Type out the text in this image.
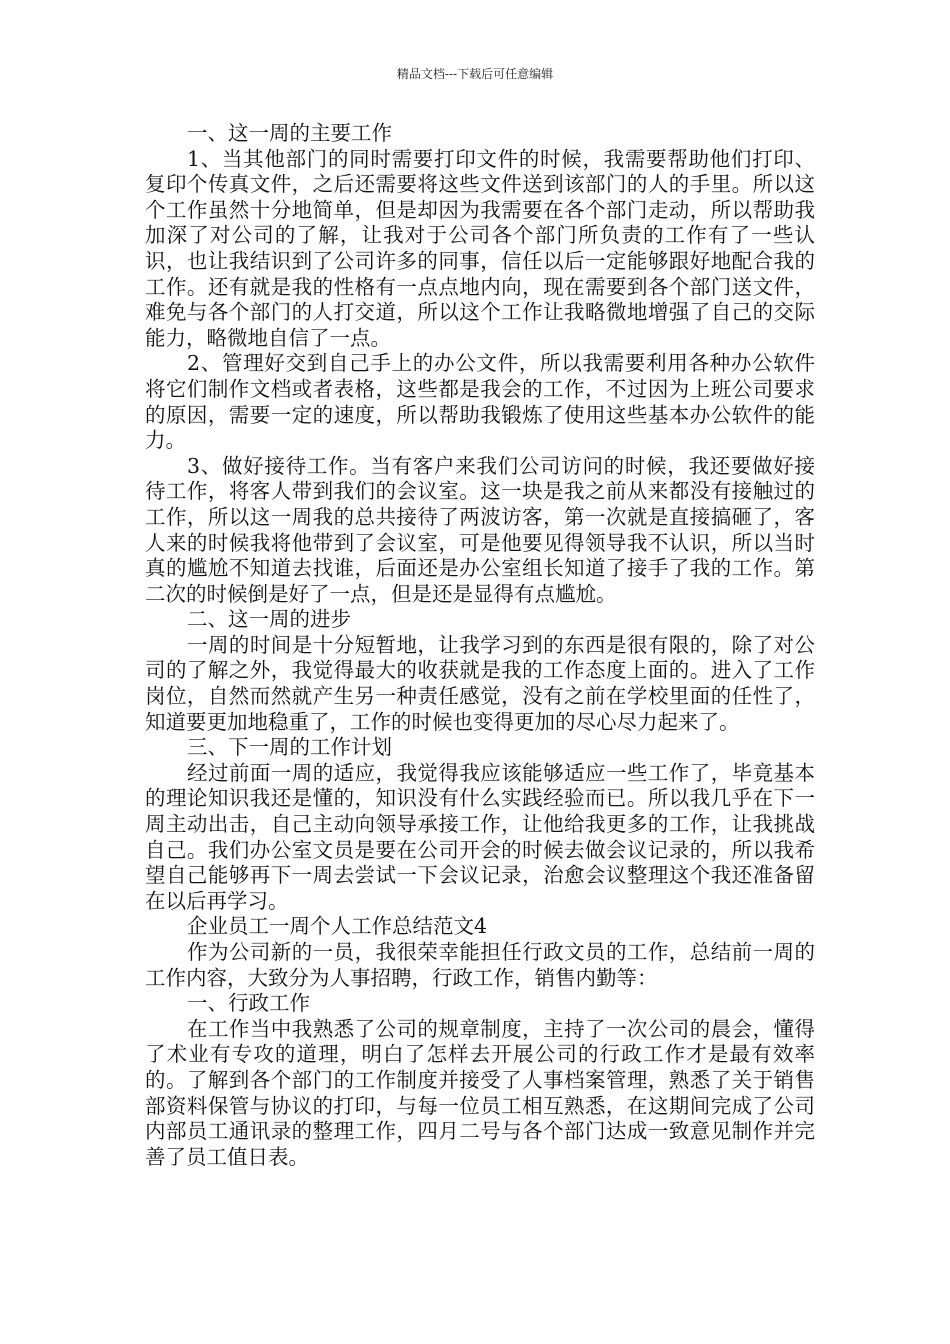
精品文档---下载后可任意编辑

一、这一周的主要工作

1、当其他部门的同时需要打印文件的时候，我需要帮助他们打印、复印个传真文件，之后还需要将这些文件送到该部门的人的手里。所以这个工作虽然十分地简单，但是却因为我需要在各个部门走动，所以帮助我加深了对公司的了解，让我对于公司各个部门所负责的工作有了一些认识，也让我结识到了公司许多的同事，信任以后一定能够跟好地配合我的工作。还有就是我的性格有一点点地内向，现在需要到各个部门送文件，难免与各个部门的人打交道，所以这个工作让我略微地增强了自己的交际能力，略微地自信了一点。

2、管理好交到自己手上的办公文件，所以我需要利用各种办公软件将它们制作文档或者表格，这些都是我会的工作，不过因为上班公司要求的原因，需要一定的速度，所以帮助我锻炼了使用这些基本办公软件的能力。

3、做好接待工作。当有客户来我们公司访问的时候，我还要做好接待工作，将客人带到我们的会议室。这一块是我之前从来都没有接触过的工作，所以这一周我的总共接待了两波访客，第一次就是直接搞砸了，客人来的时候我将他带到了会议室，可是他要见得领导我不认识，所以当时真的尴尬不知道去找谁，后面还是办公室组长知道了接手了我的工作。第二次的时候倒是好了一点，但是还是显得有点尴尬。

二、这一周的进步

一周的时间是十分短暂地，让我学习到的东西是很有限的，除了对公司的了解之外，我觉得最大的收获就是我的工作态度上面的。进入了工作岗位，自然而然就产生另一种责任感觉，没有之前在学校里面的任性了，知道要更加地稳重了，工作的时候也变得更加的尽心尽力起来了。

三、下一周的工作计划

经过前面一周的适应，我觉得我应该能够适应一些工作了，毕竟基本的理论知识我还是懂的，知识没有什么实践经验而已。所以我几乎在下一周主动出击，自己主动向领导承接工作，让他给我更多的工作，让我挑战自己。我们办公室文员是要在公司开会的时候去做会议记录的，所以我希望自己能够再下一周去尝试一下会议记录，治愈会议整理这个我还准备留在以后再学习。

企业员工一周个人工作总结范文4

作为公司新的一员，我很荣幸能担任行政文员的工作，总结前一周的工作内容，大致分为人事招聘，行政工作，销售内勤等：

一、行政工作

在工作当中我熟悉了公司的规章制度，主持了一次公司的晨会，懂得了术业有专攻的道理，明白了怎样去开展公司的行政工作才是最有效率的。了解到各个部门的工作制度并接受了人事档案管理，熟悉了关于销售部资料保管与协议的打印，与每一位员工相互熟悉，在这期间完成了公司内部员工通讯录的整理工作，四月二号与各个部门达成一致意见制作并完善了员工值日表。
